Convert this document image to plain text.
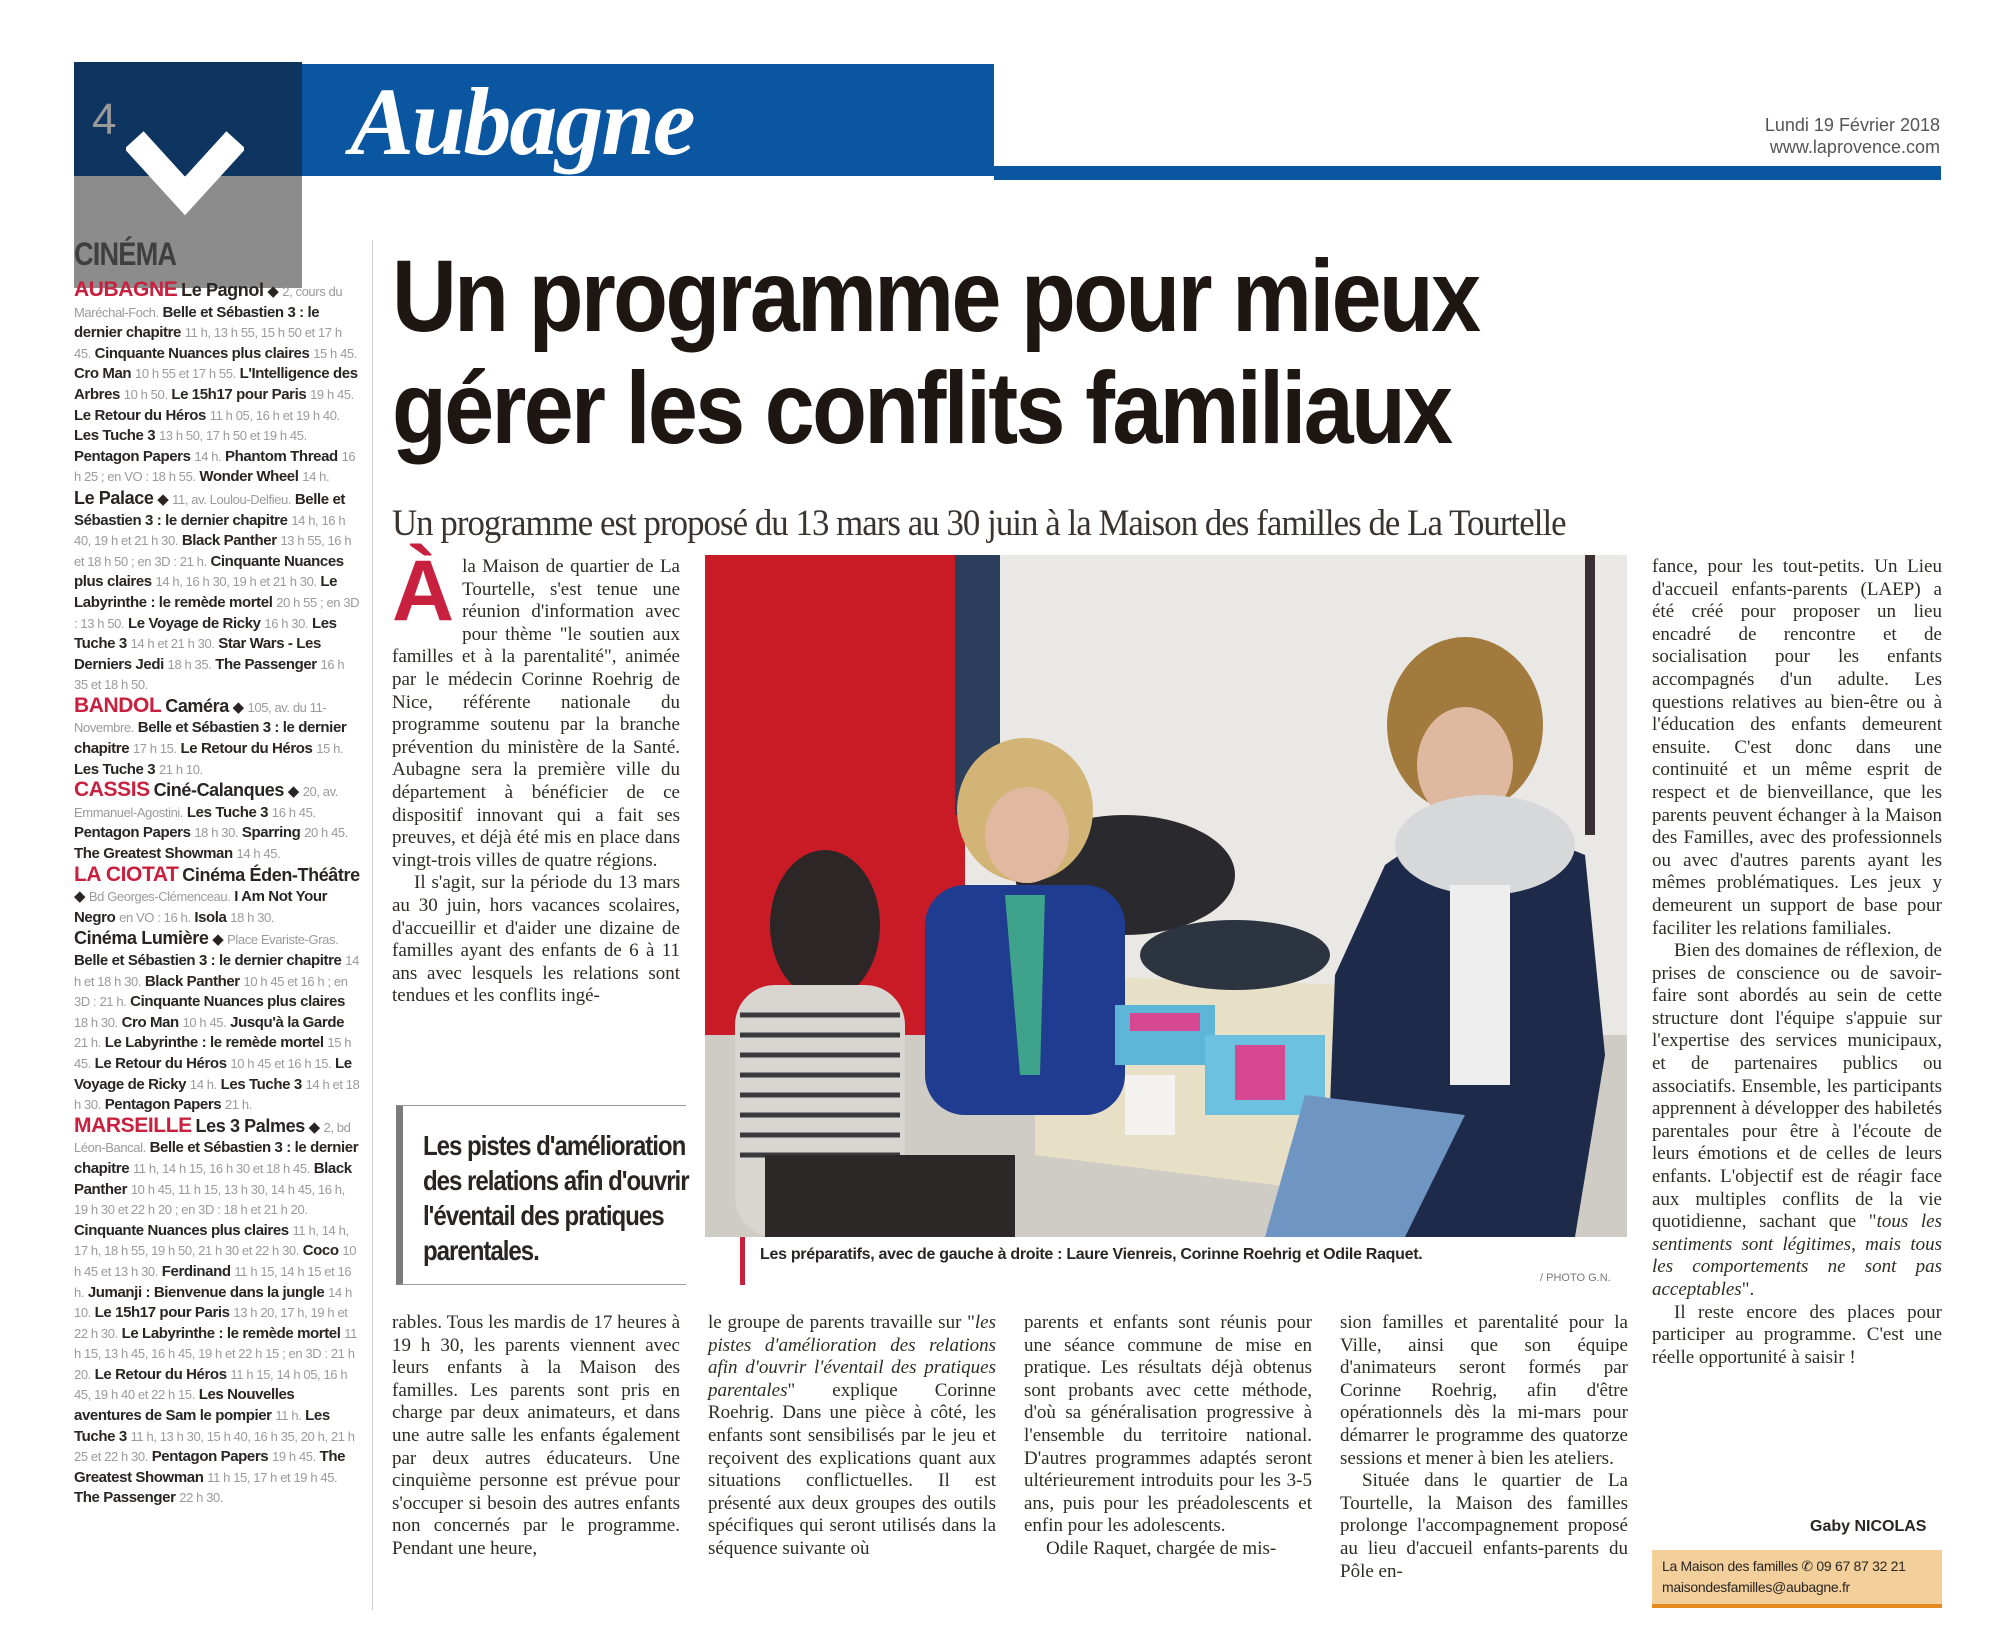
4 Aubagne	Lundi 19 Février 2018
www.laprovence.com
CINÉMA
AUBAGNE Le Pagnol ◆ 2, cours du Maréchal-Foch. Belle et Sébastien 3 : le dernier chapitre 11 h, 13 h 55, 15 h 50 et 17 h 45. Cinquante Nuances plus claires 15 h 45. Cro Man 10 h 55 et 17 h 55. L'Intelligence des Arbres 10 h 50. Le 15h17 pour Paris 19 h 45. Le Retour du Héros 11 h 05, 16 h et 19 h 40. Les Tuche 3 13 h 50, 17 h 50 et 19 h 45. Pentagon Papers 14 h. Phantom Thread 16 h 25 ; en VO : 18 h 55. Wonder Wheel 14 h.
Le Palace ◆ 11, av. Loulou-Delfieu. Belle et Sébastien 3 : le dernier chapitre 14 h, 16 h 40, 19 h et 21 h 30. Black Panther 13 h 55, 16 h et 18 h 50 ; en 3D : 21 h. Cinquante Nuances plus claires 14 h, 16 h 30, 19 h et 21 h 30. Le Labyrinthe : le remède mortel 20 h 55 ; en 3D : 13 h 50. Le Voyage de Ricky 16 h 30. Les Tuche 3 14 h et 21 h 30. Star Wars - Les Derniers Jedi 18 h 35. The Passenger 16 h 35 et 18 h 50.
BANDOL Caméra ◆ 105, av. du 11-Novembre. Belle et Sébastien 3 : le dernier chapitre 17 h 15. Le Retour du Héros 15 h. Les Tuche 3 21 h 10.
CASSIS Ciné-Calanques ◆ 20, av. Emmanuel-Agostini. Les Tuche 3 16 h 45. Pentagon Papers 18 h 30. Sparring 20 h 45. The Greatest Showman 14 h 45.
LA CIOTAT Cinéma Éden-Théâtre ◆ Bd Georges-Clémenceau. I Am Not Your Negro en VO : 16 h. Isola 18 h 30.
Cinéma Lumière ◆ Place Evariste-Gras. Belle et Sébastien 3 : le dernier chapitre 14 h et 18 h 30. Black Panther 10 h 45 et 16 h ; en 3D : 21 h. Cinquante Nuances plus claires 18 h 30. Cro Man 10 h 45. Jusqu'à la Garde 21 h. Le Labyrinthe : le remède mortel 15 h 45. Le Retour du Héros 10 h 45 et 16 h 15. Le Voyage de Ricky 14 h. Les Tuche 3 14 h et 18 h 30. Pentagon Papers 21 h.
MARSEILLE Les 3 Palmes ◆ 2, bd Léon-Bancal. Belle et Sébastien 3 : le dernier chapitre 11 h, 14 h 15, 16 h 30 et 18 h 45. Black Panther 10 h 45, 11 h 15, 13 h 30, 14 h 45, 16 h, 19 h 30 et 22 h 20 ; en 3D : 18 h et 21 h 20. Cinquante Nuances plus claires 11 h, 14 h, 17 h, 18 h 55, 19 h 50, 21 h 30 et 22 h 30. Coco 10 h 45 et 13 h 30. Ferdinand 11 h 15, 14 h 15 et 16 h. Jumanji : Bienvenue dans la jungle 14 h 10. Le 15h17 pour Paris 13 h 20, 17 h, 19 h et 22 h 30. Le Labyrinthe : le remède mortel 11 h 15, 13 h 45, 16 h 45, 19 h et 22 h 15 ; en 3D : 21 h 20. Le Retour du Héros 11 h 15, 14 h 05, 16 h 45, 19 h 40 et 22 h 15. Les Nouvelles aventures de Sam le pompier 11 h. Les Tuche 3 11 h, 13 h 30, 15 h 40, 16 h 35, 20 h, 21 h 25 et 22 h 30. Pentagon Papers 19 h 45. The Greatest Showman 11 h 15, 17 h et 19 h 45. The Passenger 22 h 30.
Un programme pour mieux
gérer les conflits familiaux
Un programme est proposé du 13 mars au 30 juin à la Maison des familles de La Tourtelle

Àla Maison de quartier de La Tourtelle, s'est tenue une réunion d'information avec pour thème "le soutien aux familles et à la parentalité", animée par le médecin Corinne Roehrig de Nice, référente nationale du programme soutenu par la branche prévention du ministère de la Santé. Aubagne sera la première ville du département à bénéficier de ce dispositif innovant qui a fait ses preuves, et déjà été mis en place dans vingt-trois villes de quatre régions.

Il s'agit, sur la période du 13 mars au 30 juin, hors vacances scolaires, d'accueillir et d'aider une dizaine de familles ayant des enfants de 6 à 11 ans avec lesquels les relations sont tendues et les conflits ingé-

Les pistes d'amélioration des relations afin d'ouvrir l'éventail des pratiques parentales.	Les préparatifs, avec de gauche à droite : Laure Vienreis, Corinne Roehrig et Odile Raquet.
/ PHOTO G.N.

fance, pour les tout-petits. Un Lieu d'accueil enfants-parents (LAEP) a été créé pour proposer un lieu encadré de rencontre et de socialisation pour les enfants accompagnés d'un adulte. Les questions relatives au bien-être ou à l'éducation des enfants demeurent ensuite. C'est donc dans une continuité et un même esprit de respect et de bienveillance, que les parents peuvent échanger à la Maison des Familles, avec des professionnels ou avec d'autres parents ayant les mêmes problématiques. Les jeux y demeurent un support de base pour faciliter les relations familiales.

Bien des domaines de réflexion, de prises de conscience ou de savoir-faire sont abordés au sein de cette structure dont l'équipe s'appuie sur l'expertise des services municipaux, et de partenaires publics ou associatifs. Ensemble, les participants apprennent à développer des habiletés parentales pour être à l'écoute de leurs émotions et de celles de leurs enfants. L'objectif est de réagir face aux multiples conflits de la vie quotidienne, sachant que "tous les sentiments sont légitimes, mais tous les comportements ne sont pas acceptables".

Il reste encore des places pour participer au programme. C'est une réelle opportunité à saisir !

Gaby NICOLAS
La Maison des familles ✆ 09 67 87 32 21
maisondesfamilles@aubagne.fr

rables. Tous les mardis de 17 heures à 19 h 30, les parents viennent avec leurs enfants à la Maison des familles. Les parents sont pris en charge par deux animateurs, et dans une autre salle les enfants également par deux autres éducateurs. Une cinquième personne est prévue pour s'occuper si besoin des autres enfants non concernés par le programme. Pendant une heure,

le groupe de parents travaille sur "les pistes d'amélioration des relations afin d'ouvrir l'éventail des pratiques parentales" explique Corinne Roehrig. Dans une pièce à côté, les enfants sont sensibilisés par le jeu et reçoivent des explications quant aux situations conflictuelles. Il est présenté aux deux groupes des outils spécifiques qui seront utilisés dans la séquence suivante où

parents et enfants sont réunis pour une séance commune de mise en pratique. Les résultats déjà obtenus sont probants avec cette méthode, d'où sa généralisation progressive à l'ensemble du territoire national. D'autres programmes adaptés seront ultérieurement introduits pour les 3-5 ans, puis pour les préadolescents et enfin pour les adolescents.

Odile Raquet, chargée de mis-

sion familles et parentalité pour la Ville, ainsi que son équipe d'animateurs seront formés par Corinne Roehrig, afin d'être opérationnels dès la mi-mars pour démarrer le programme des quatorze sessions et mener à bien les ateliers.

Située dans le quartier de La Tourtelle, la Maison des familles prolonge l'accompagnement proposé au lieu d'accueil enfants-parents du Pôle en-
